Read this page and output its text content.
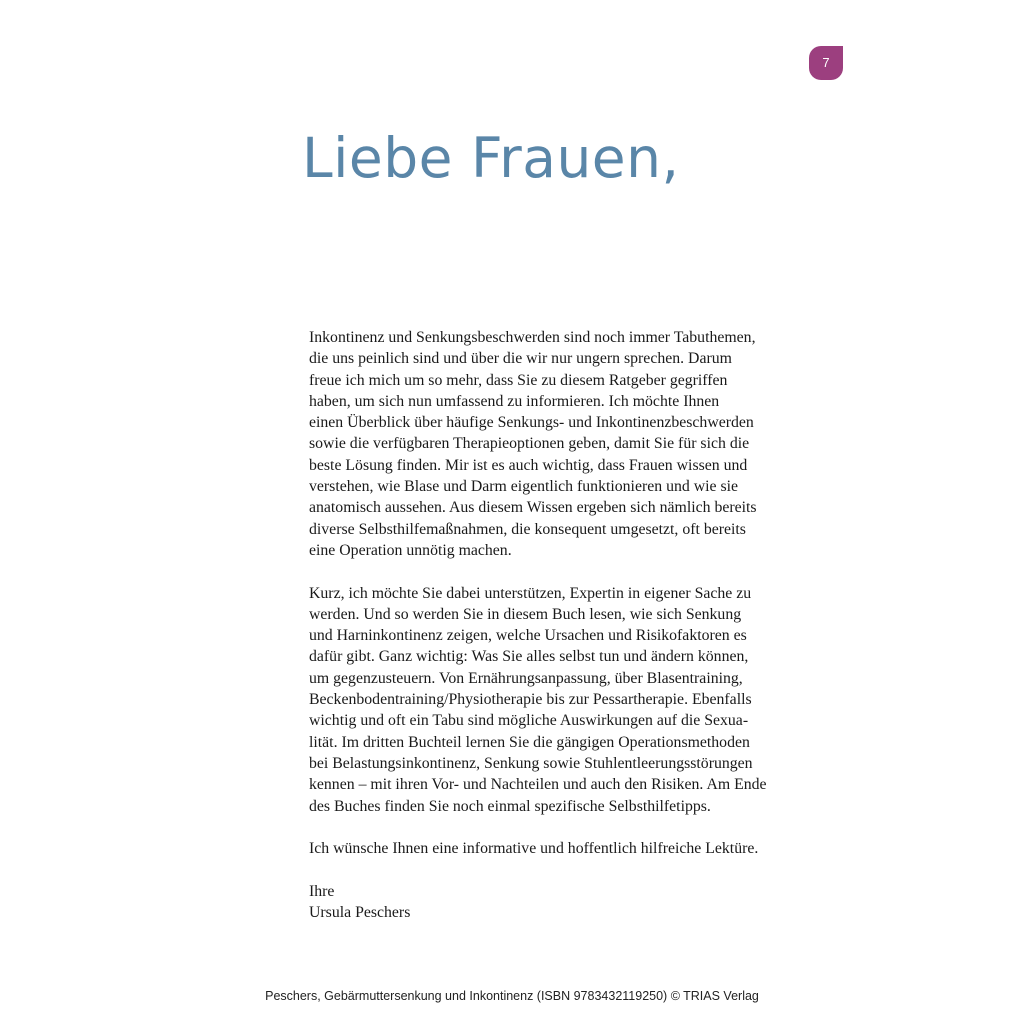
7
Liebe Frauen,

Inkontinenz und Senkungsbeschwerden sind noch immer Tabuthemen,
die uns peinlich sind und über die wir nur ungern sprechen. Darum
freue ich mich um so mehr, dass Sie zu diesem Ratgeber gegriffen
haben, um sich nun umfassend zu informieren. Ich möchte Ihnen
einen Überblick über häufige Senkungs- und Inkontinenzbeschwerden
sowie die verfügbaren Therapieoptionen geben, damit Sie für sich die
beste Lösung finden. Mir ist es auch wichtig, dass Frauen wissen und
verstehen, wie Blase und Darm eigentlich funktionieren und wie sie
anatomisch aussehen. Aus diesem Wissen ergeben sich nämlich bereits
diverse Selbsthilfemaßnahmen, die konsequent umgesetzt, oft bereits
eine Operation unnötig machen.

Kurz, ich möchte Sie dabei unterstützen, Expertin in eigener Sache zu
werden. Und so werden Sie in diesem Buch lesen, wie sich Senkung
und Harninkontinenz zeigen, welche Ursachen und Risikofaktoren es
dafür gibt. Ganz wichtig: Was Sie alles selbst tun und ändern können,
um gegenzusteuern. Von Ernährungsanpassung, über Blasentraining,
Beckenbodentraining/Physiotherapie bis zur Pessartherapie. Ebenfalls
wichtig und oft ein Tabu sind mögliche Auswirkungen auf die Sexua-
lität. Im dritten Buchteil lernen Sie die gängigen Operationsmethoden
bei Belastungsinkontinenz, Senkung sowie Stuhlentleerungsstörungen
kennen – mit ihren Vor- und Nachteilen und auch den Risiken. Am Ende
des Buches finden Sie noch einmal spezifische Selbsthilfetipps.

Ich wünsche Ihnen eine informative und hoffentlich hilfreiche Lektüre.

Ihre
Ursula Peschers

Peschers, Gebärmuttersenkung und Inkontinenz (ISBN 9783432119250) © TRIAS Verlag
